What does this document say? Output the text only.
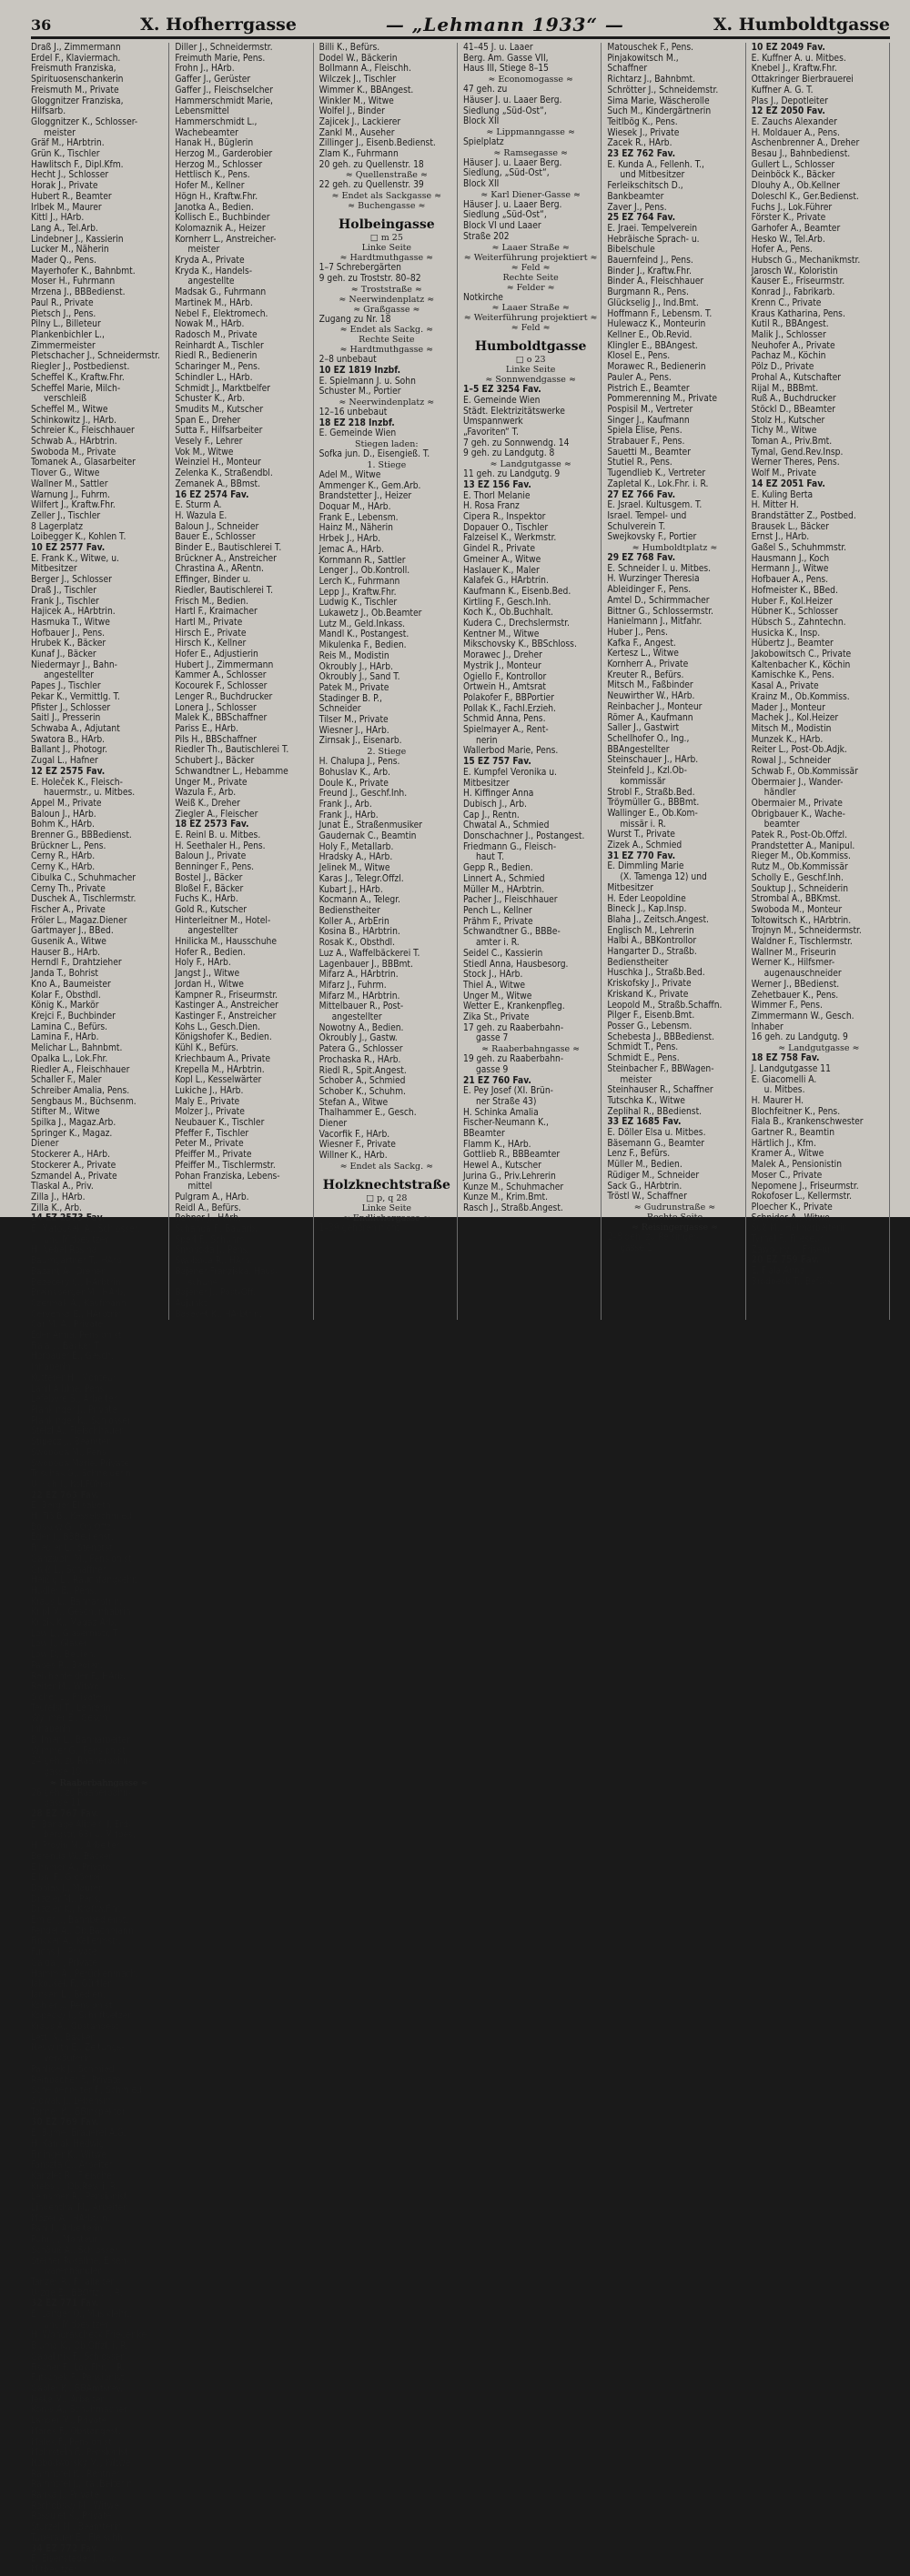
36	X. Hofherrgasse	— „Lehmann 1933“ —	X. Humboldtgasse
Draß J., Zimmermann
Erdel F., Klaviermach.
Freismuth Franziska,
Spirituosenschankerin
Freismuth M., Private
Gloggnitzer Franziska,
Hilfsarb.
Gloggnitzer K., Schlosser-
meister
Gräf M., HArbtrin.
Grün K., Tischler
Hawlitsch F., Dipl.Kfm.
Hecht J., Schlosser
Horak J., Private
Hubert R., Beamter
Irlbek M., Maurer
Kittl J., HArb.
Lang A., Tel.Arb.
Lindebner J., Kassierin
Lucker M., Näherin
Mader Q., Pens.
Mayerhofer K., Bahnbmt.
Moser H., Fuhrmann
Mrzena J., BBBedienst.
Paul R., Private
Pietsch J., Pens.
Pilny L., Billeteur
Plankenbichler L.,
Zimmermeister
Pletschacher J., Schneidermstr.
Riegler J., Postbedienst.
Scheffel K., Kraftw.Fhr.
Scheffel Marie, Milch-
verschleiß
Scheffel M., Witwe
Schinkowitz J., HArb.
Schreier K., Fleischhauer
Schwab A., HArbtrin.
Swoboda M., Private
Tomanek A., Glasarbeiter
Tlover G., Witwe
Wallner M., Sattler
Warnung J., Fuhrm.
Wilfert J., Kraftw.Fhr.
Zeller J., Tischler
8 Lagerplatz
Loibegger K., Kohlen T.
10 EZ 2577 Fav.
E. Frank K., Witwe, u.
Mitbesitzer
Berger J., Schlosser
Draß J., Tischler
Frank J., Tischler
Hajicek A., HArbtrin.
Hasmuka T., Witwe
Hofbauer J., Pens.
Hrubek K., Bäcker
Kunaf J., Bäcker
Niedermayr J., Bahn-
angestellter
Papes J., Tischler
Pekar K., Vermittlg. T.
Pfister J., Schlosser
Saitl J., Presserin
Schwaba A., Adjutant
Swatora B., HArb.
Ballant J., Photogr.
Zugal L., Hafner
12 EZ 2575 Fav.
E. Holeček K., Fleisch-
hauermstr., u. Mitbes.
Appel M., Private
Baloun J., HArb.
Bohm K., HArb.
Brenner G., BBBedienst.
Brückner L., Pens.
Cerny R., HArb.
Cerny K., HArb.
Cibulka C., Schuhmacher
Cerny Th., Private
Duschek A., Tischlermstr.
Fischer A., Private
Fröler L., Magaz.Diener
Gartmayer J., BBed.
Gusenik A., Witwe
Hauser B., HArb.
Herndl F., Drahtzieher
Janda T., Bohrist
Kno A., Baumeister
Kolar F., Obsthdl.
König K., Markör
Krejci F., Buchbinder
Lamina C., Befürs.
Lamina F., HArb.
Melichar L., Bahnbmt.
Opalka L., Lok.Fhr.
Riedler A., Fleischhauer
Schaller F., Maler
Schreiber Amalia, Pens.
Sengbaus M., Büchsenm.
Stifter M., Witwe
Spilka J., Magaz.Arb.
Springer K., Magaz.
Diener
Stockerer A., HArb.
Stockerer A., Private
Szmandel A., Private
Tlaskal A., Priv.
Zilla J., HArb.
Zilla K., Arb.
14 EZ 2573 Fav.
E. Matoušek A., Schlosser,
und Mitbesitzer
H. Nebel Rosina
Baumgartner T., HArb.
Bazant A., Dreher
Bezecery C., HArbtrin.
Breinsberger M., HArb.
Czermak A., Kaufmann
Červenka E., HArbtrin.
Diller J., Schneidermstr.
Freimuth Marie, Pens.
Frohn J., HArb.
Gaffer J., Gerüster
Gaffer J., Fleischselcher
Hammerschmidt Marie,
Lebensmittel
Hammerschmidt L.,
Wachebeamter
Hanak H., Büglerin
Herzog M., Garderobier
Herzog M., Schlosser
Hettlisch K., Pens.
Hofer M., Kellner
Högn H., Kraftw.Fhr.
Janotka A., Bedien.
Kollisch E., Buchbinder
Kolomaznik A., Heizer
Kornherr L., Anstreicher-
meister
Kryda A., Private
Kryda K., Handels-
angestellte
Madsak G., Fuhrmann
Martinek M., HArb.
Nebel F., Elektromech.
Nowak M., HArb.
Radosch M., Private
Reinhardt A., Tischler
Riedl R., Bedienerin
Scharinger M., Pens.
Schindler L., HArb.
Schmidt J., Marktbelfer
Schuster K., Arb.
Smudits M., Kutscher
Span E., Dreher
Sutta F., Hilfsarbeiter
Vesely F., Lehrer
Vok M., Witwe
Weinziel H., Monteur
Zelenka K., Straßendbl.
Zemanek A., BBmst.
16 EZ 2574 Fav.
E. Sturm A.
H. Wazula E.
Baloun J., Schneider
Bauer E., Schlosser
Binder E., Bautischlerei T.
Brückner A., Anstreicher
Chrastina A., ARentn.
Effinger, Binder u.
Riedler, Bautischlerei T.
Frisch M., Bedien.
Hartl F., Kraimacher
Hartl M., Private
Hirsch E., Private
Hirsch K., Kellner
Hofer E., Adjustierin
Hubert J., Zimmermann
Kammer A., Schlosser
Kocourek F., Schlosser
Lenger R., Buchdrucker
Lonera J., Schlosser
Malek K., BBSchaffner
Pariss E., HArb.
Pils H., BBSchaffner
Riedler Th., Bautischlerei T.
Schubert J., Bäcker
Schwandtner L., Hebamme
Unger M., Private
Wazula F., Arb.
Weiß K., Dreher
Ziegler A., Fleischer
18 EZ 2573 Fav.
E. Reinl B. u. Mitbes.
H. Seethaler H., Pens.
Baloun J., Private
Benninger F., Pens.
Bostel J., Bäcker
Bloßel F., Bäcker
Fuchs K., HArb.
Gold R., Kutscher
Hinterleitner M., Hotel-
angestellter
Hnilicka M., Hausschuhe
Hofer R., Bedien.
Holy F., HArb.
Jangst J., Witwe
Jordan H., Witwe
Kampner R., Friseurmstr.
Kastinger A., Anstreicher
Kastinger F., Anstreicher
Kohs L., Gesch.Dien.
Königshofer K., Bedien.
Kühl K., Befürs.
Kriechbaum A., Private
Krepella M., HArbtrin.
Kopl L., Kesselwärter
Lukiche J., HArb.
Maly E., Private
Molzer J., Private
Neubauer K., Tischler
Pfeffer F., Tischler
Peter M., Private
Pfeiffer M., Private
Pfeiffer M., Tischlermstr.
Pohan Franziska, Lebens-
mittel
Pulgram A., HArb.
Reidl A., Befürs.
Rehner J., HArb.
Schanda F., Bauarb.
Sperl F., Schuhm.
Smoboda J., Pens.
Swoboda R., HArb.
Bajener Franziska, Haus-
schuhe
Bajener J., Post-Off.
Adjunkt
Basecet K., HArbtrin.
Billi K., Befürs.
Dodel W., Bäckerin
Bollmann A., Fleischh.
Wilczek J., Tischler
Wimmer K., BBAngest.
Winkler M., Witwe
Wolfel J., Binder
Zajicek J., Lackierer
Zankl M., Auseher
Zillinger J., Eisenb.Bedienst.
Zlam K., Fuhrmann
20 geh. zu Quellenstr. 18
≈ Quellenstraße ≈
22 geh. zu Quellenstr. 39
≈ Endet als Sackgasse ≈
≈ Buchengasse ≈
Holbeingasse
□ m 25
Linke Seite
≈ Hardtmuthgasse ≈
1–7 Schrebergärten
9 geh. zu Troststr. 80–82
≈ Troststraße ≈
≈ Neerwindenplatz ≈
≈ Graßgasse ≈
Zugang zu Nr. 18
≈ Endet als Sackg. ≈
Rechte Seite
≈ Hardtmuthgasse ≈
2–8 unbebaut
10 EZ 1819 Inzbf.
E. Spielmann J. u. Sohn
Schuster M., Portier
≈ Neerwindenplatz ≈
12–16 unbebaut
18 EZ 218 Inzbf.
E. Gemeinde Wien
Stiegen laden:
Sofka jun. D., Eisengieß. T.
1. Stiege
Adel M., Witwe
Ammenger K., Gem.Arb.
Brandstetter J., Heizer
Doquar M., HArb.
Frank E., Lebensm.
Hainz M., Näherin
Hrbek J., HArb.
Jemac A., HArb.
Kornmann R., Sattler
Lenger J., Ob.Kontroll.
Lerch K., Fuhrmann
Lepp J., Kraftw.Fhr.
Ludwig K., Tischler
Lukawetz J., Ob.Beamter
Lutz M., Geld.Inkass.
Mandl K., Postangest.
Mikulenka F., Bedien.
Reis M., Modistin
Okroubly J., HArb.
Okroubly J., Sand T.
Patek M., Private
Stadinger B. P.,
Schneider
Tilser M., Private
Wiesner J., HArb.
Zirnsak J., Eisenarb.
2. Stiege
H. Chalupa J., Pens.
Bohuslav K., Arb.
Doule K., Private
Freund J., Geschf.Inh.
Frank J., Arb.
Frank J., HArb.
Junat E., Straßenmusiker
Gaudernak C., Beamtin
Holy F., Metallarb.
Hradsky A., HArb.
Jelinek M., Witwe
Karas J., Telegr.Offzl.
Kubart J., HArb.
Kocmann A., Telegr.
Bedienstheiter
Koller A., ArbErin
Kosina B., HArbtrin.
Rosak K., Obsthdl.
Luz A., Waffelbäckerei T.
Lagenbauer J., BBBmt.
Mifarz A., HArbtrin.
Mifarz J., Fuhrm.
Mifarz M., HArbtrin.
Mittelbauer R., Post-
angestellter
Nowotny A., Bedien.
Okroubly J., Gastw.
Patera G., Schlosser
Prochaska R., HArb.
Riedl R., Spit.Angest.
Schober A., Schmied
Schober K., Schuhm.
Stefan A., Witwe
Thalhammer E., Gesch.
Diener
Vacorfik F., HArb.
Wiesner F., Private
Willner K., HArb.
≈ Endet als Sackg. ≈
Holzknechtstraße
□ p, q 28
Linke Seite
≈ Endlichergasse ≈
1–39 gehören nicht
41–45 J. u. Laaer
Berg. Am. Gasse VII,
Haus III, Stiege 8–15
≈ Economogasse ≈
47 geh. zu
Häuser J. u. Laaer Berg.
Siedlung „Süd-Ost“,
Block XII
≈ Lippmanngasse ≈
Spielplatz
≈ Ramsegasse ≈
Häuser J. u. Laaer Berg.
Siedlung, „Süd-Ost“,
Block XII
≈ Karl Diener-Gasse ≈
Häuser J. u. Laaer Berg.
Siedlung „Süd-Ost“,
Block VI und Laaer
Straße 202
≈ Laaer Straße ≈
≈ Weiterführung projektiert ≈
≈ Feld ≈
Rechte Seite
≈ Felder ≈
Notkirche
≈ Laaer Straße ≈
≈ Weiterführung projektiert ≈
≈ Feld ≈
Humboldtgasse
□ o 23
Linke Seite
≈ Sonnwendgasse ≈
1–5 EZ 3254 Fav.
E. Gemeinde Wien
Städt. Elektrizitätswerke
Umspannwerk
„Favoriten“ T.
7 geh. zu Sonnwendg. 14
9 geh. zu Landgutg. 8
≈ Landgutgasse ≈
11 geh. zu Landgutg. 9
13 EZ 156 Fav.
E. Thorl Melanie
H. Rosa Franz
Cipera R., Inspektor
Dopauer O., Tischler
Falzeisel K., Werkmstr.
Gindel R., Private
Gmeiner A., Witwe
Haslauer K., Maler
Kalafek G., HArbtrin.
Kaufmann K., Eisenb.Bed.
Kirtling F., Gesch.Inh.
Koch K., Ob.Buchhalt.
Kudera C., Drechslermstr.
Kentner M., Witwe
Mikschovsky K., BBSchloss.
Morawec J., Dreher
Mystrik J., Monteur
Ogiello F., Kontrollor
Ortwein H., Amtsrat
Polakofer F., BBPortier
Pollak K., Fachl.Erzieh.
Schmid Anna, Pens.
Spielmayer A., Rent-
nerin
Wallerbod Marie, Pens.
15 EZ 757 Fav.
E. Kumpfel Veronika u.
Mitbesitzer
H. Kiffinger Anna
Dubisch J., Arb.
Cap J., Rentn.
Chwatal A., Schmied
Donschachner J., Postangest.
Friedmann G., Fleisch-
haut T.
Gepp R., Bedien.
Linnert A., Schmied
Müller M., HArbtrin.
Pacher J., Fleischhauer
Pench L., Kellner
Prähm F., Private
Schwandtner G., BBBe-
amter i. R.
Seidel C., Kassierin
Stiedl Anna, Hausbesorg.
Stock J., HArb.
Thiel A., Witwe
Unger M., Witwe
Wetter E., Krankenpfleg.
Zika St., Private
17 geh. zu Raaberbahn-
gasse 7
≈ Raaberbahngasse ≈
19 geh. zu Raaberbahn-
gasse 9
21 EZ 760 Fav.
E. Pey Josef (XI. Brün-
ner Straße 43)
H. Schinka Amalia
Fischer-Neumann K.,
BBeamter
Flamm K., HArb.
Gottlieb R., BBBeamter
Hewel A., Kutscher
Jurina G., Priv.Lehrerin
Kunze M., Schuhmacher
Kunze M., Krim.Bmt.
Rasch J., Straßb.Angest.
Matouschek F., Pens.
Pinjakowitsch M.,
Schaffner
Richtarz J., Bahnbmt.
Schrötter J., Schneidemstr.
Sima Marie, Wäscherolle
Such M., Kindergärtnerin
Teitlbög K., Pens.
Wiesek J., Private
Zacek R., HArb.
23 EZ 762 Fav.
E. Kunda A., Fellenh. T.,
und Mitbesitzer
Ferleikschitsch D.,
Bankbeamter
Zaver J., Pens.
25 EZ 764 Fav.
E. Jraei. Tempelverein
Hebräische Sprach- u.
Bibelschule
Bauernfeind J., Pens.
Binder J., Kraftw.Fhr.
Binder A., Fleischhauer
Burgmann R., Pens.
Glückselig J., Ind.Bmt.
Hoffmann F., Lebensm. T.
Hulewacz K., Monteurin
Kellner E., Ob.Revid.
Klingler E., BBAngest.
Klosel E., Pens.
Morawec R., Bedienerin
Pauler A., Pens.
Pistrich E., Beamter
Pommerenning M., Private
Pospisil M., Vertreter
Singer J., Kaufmann
Spiela Elise, Pens.
Strabauer F., Pens.
Sauetti M., Beamter
Stutiel R., Pens.
Tugendlieb K., Vertreter
Zapletal K., Lok.Fhr. i. R.
27 EZ 766 Fav.
E. Jsrael. Kultusgem. T.
Israel. Tempel- und
Schulverein T.
Swejkovsky F., Portier
≈ Humboldtplatz ≈
29 EZ 768 Fav.
E. Schneider I. u. Mitbes.
H. Wurzinger Theresia
Ableidinger F., Pens.
Amtel D., Schirmmacher
Bittner G., Schlossermstr.
Hanielmann J., Mitfahr.
Huber J., Pens.
Kafka F., Angest.
Kertesz L., Witwe
Kornherr A., Private
Kreuter R., Befürs.
Mitsch M., Faßbinder
Neuwirther W., HArb.
Reinbacher J., Monteur
Römer A., Kaufmann
Saller J., Gastwirt
Schellhofer O., Ing.,
BBAngestellter
Steinschauer J., HArb.
Steinfeld J., Kzl.Ob-
kommissär
Strobl F., Straßb.Bed.
Tröymüller G., BBBmt.
Wallinger E., Ob.Kom-
missär i. R.
Wurst T., Private
Zizek A., Schmied
31 EZ 770 Fav.
E. Dimmling Marie
(X. Tamenga 12) und
Mitbesitzer
H. Eder Leopoldine
Bineck J., Kap.Insp.
Blaha J., Zeitsch.Angest.
Englisch M., Lehrerin
Halbi A., BBKontrollor
Hangarter D., Straßb.
Bedienstheiter
Huschka J., Straßb.Bed.
Kriskofsky J., Private
Kriskand K., Private
Leopold M., Straßb.Schaffn.
Pilger F., Eisenb.Bmt.
Posser G., Lebensm.
Schebesta J., BBBedienst.
Schmidt T., Pens.
Schmidt E., Pens.
Steinbacher F., BBWagen-
meister
Steinhauser R., Schaffner
Tutschka K., Witwe
Zeplihal R., BBedienst.
33 EZ 1685 Fav.
E. Döller Elsa u. Mitbes.
Bäsemann G., Beamter
Lenz F., Befürs.
Müller M., Bedien.
Rüdiger M., Schneider
Sack G., HArbtrin.
Tröstl W., Schaffner
≈ Gudrunstraße ≈
Rechte Seite
≈ Reisingergasse ≈
2–8 geh. zu Reisinger-
gasse 1
10 EZ 2049 Fav.
E. Kuffner A. u. Mitbes.
Knebel J., Kraftw.Fhr.
Ottakringer Bierbrauerei
Kuffner A. G. T.
Plas J., Depotleiter
12 EZ 2050 Fav.
E. Zauchs Alexander
H. Moldauer A., Pens.
Aschenbrenner A., Dreher
Besau J., Bahnbedienst.
Gullert L., Schlosser
Deinböck K., Bäcker
Dlouhy A., Ob.Kellner
Doleschl K., Ger.Bedienst.
Fuchs J., Lok.Führer
Förster K., Private
Garhofer A., Beamter
Hesko W., Tel.Arb.
Hofer A., Pens.
Hubsch G., Mechanikmstr.
Jarosch W., Koloristin
Kauser E., Friseurmstr.
Konrad J., Fabrikarb.
Krenn C., Private
Kraus Katharina, Pens.
Kutil R., BBAngest.
Malik J., Schlosser
Neuhofer A., Private
Pachaz M., Köchin
Pölz D., Private
Prohal A., Kutschafter
Rijal M., BBBmt.
Ruß A., Buchdrucker
Stöckl D., BBeamter
Stolz H., Kutscher
Tichy M., Witwe
Toman A., Priv.Bmt.
Tymal, Gend.Rev.Insp.
Werner Theres, Pens.
Wolf M., Private
14 EZ 2051 Fav.
E. Kuling Berta
H. Mitter H.
Brandstätter Z., Postbed.
Brausek L., Bäcker
Ernst J., HArb.
Gaßel S., Schuhmmstr.
Hausmann J., Koch
Hermann J., Witwe
Hofbauer A., Pens.
Hofmeister K., BBed.
Huber F., Kol.Heizer
Hübner K., Schlosser
Hübsch S., Zahntechn.
Husicka K., Insp.
Hübertz J., Beamter
Jakobowitsch C., Private
Kaltenbacher K., Köchin
Kamischke K., Pens.
Kasal A., Private
Krainz M., Ob.Kommiss.
Mader J., Monteur
Machek J., Kol.Heizer
Mitsch M., Modistin
Munzek K., HArb.
Reiter L., Post-Ob.Adjk.
Rowal J., Schneider
Schwab F., Ob.Kommissär
Obermaier J., Wander-
händler
Obermaier M., Private
Obrigbauer K., Wache-
beamter
Patek R., Post-Ob.Offzl.
Prandstetter A., Manipul.
Rieger M., Ob.Kommiss.
Rutz M., Ob.Kommissär
Scholly E., Geschf.Inh.
Souktup J., Schneiderin
Strombal A., BBKmst.
Swoboda M., Monteur
Toltowitsch K., HArbtrin.
Trojnyn M., Schneidermstr.
Waldner F., Tischlermstr.
Wallner M., Friseurin
Werner K., Hilfsmer-
augenauschneider
Werner J., BBedienst.
Zehetbauer K., Pens.
Wimmer F., Pens.
Zimmermann W., Gesch.
Inhaber
16 geh. zu Landgutg. 9
≈ Landgutgasse ≈
18 EZ 758 Fav.
J. Landgutgasse 11
E. Giacomelli A.
u. Mitbes.
H. Maurer H.
Blochfeitner K., Pens.
Fiala B., Krankenschwester
Gartner R., Beamtin
Härtlich J., Kfm.
Kramer A., Witwe
Malek A., Pensionistin
Moser C., Private
Nepomene J., Friseurmstr.
Rokofoser L., Kellermstr.
Ploecher K., Private
Schnider A., Witwe
Suß M., Heimarbeiterin
Tyrnel F., Frieseur
Zawodny J., Friseur
20 EZ 759 Fav.
E. Fiala Anna
Brodbeck T., Befürs.
Car M. A., Private
Eder Anna, Pensionist
Fiala J., Bäcker T.
Hofbauer E., Gesch.
Inhaberin
Kutterer H., Monteur
Lanil Albine, Pens.
Lefebvre S., Arbeiter
Plankinger J., Private
Plankinger K., Schlosser
Stelzl A., Fleischhauer
Stipecz J., Beamter
Swoboda M., Pens.
Swoboda Marie, Private
Trischak G., Schneiderin
Ullrich J., Kol.Führer
22 EZ 763 Fav.
E. Berger Elisabeth
H. Fiß B., Kesselschmied
Boskow G., Ob.Offzl.
Eder J., BBBedienst.
Friedler L., Stenotst.
Ganzwohl M., Pensionist
Groß L., Schaffner
Heißig L., Rauchfangkehr.
Hudler E., Pens.
Kraus L., Bahnarbtrin.
Kripl M., Gesch.Inhabrin.
Krizik K., Magaz.Arb.
Low L., Glasermstr. T.
Low J., Glaser
Low D., Bedien.
Papes R., Bedien.
Reichenfelder F., HArb.
Reiter M., Witwe
Sicher L., Private
Teufelsl T., Lehrerin
Wyllmer E., Gesch.
Inhaberin
Billmer L., Bahnarbeiter
Wimmer G., Pensionist
24 geh. zu Raaberbahn-
gasse 10
≈ Raaberbahngasse ≈
26 geh. zu Raaberbahn-
gasse 11
28 EZ 767 Fav.
E. Banage Alice (III. Erd-
bergstr. 63) u. Mitbes.
H. Provin M., Arbeiter
Berenda W., Bäcker
Eihamer A., Private
Eibal F., Gießerei
Dobias J., Maurer
Drazler M., Pens.
Drazler K., Kraftw.Fhr.
Emler J., Bahnbedienst.
Fendel A., Ob.Bachmann
Fincker A., Kellermstr.
Fuchs J., Private
Gaida J., Private
Hamm A., Perückenmach.
Jakoušek F., Gürtler
Jansen L., Bedien.
Kohler J., Pensionist
Kopecky J., Schriftsetzer
Kraus A., Obstangest.
Lettl A., Bäcker
Neuwirth E., Zeitungs-
verkäuferin
Panlicek J., Schmied
Reinbacher F., Private
Scheibenreiter F., Schmied
Slowak J., Lebensm.
Tonner K., BBInspektor
30 EZ 769 Fav.
E. Bgme. Brauerei A.G.
H. Kaniak Hedwig
Firlinger K., Witwe
Fanszta C., Arbeiter
Kanzlet R., Fleischer
Krebs J., Ob.Rev. i. R.
Leinsmer R., Pensionist
Lindenthal M., Arbeiter
Mozer A., HArbtrin.
Pani J., Arbeiterin
Puhr J., Monteur
Schäuß A., Schlosser
Steiner Rosaline, Eisen-
warenhändler
Tanzer R., Filialleiter
Urzge E., BBOffzl. i. R.
32 EZ 771 Fav.
E. Langer O., Musiklehr.,
und Mitbesitzer
H. Wondrascheck Friederike
Bluma K., Ob.Offzl. i. R.
Gaballnik F., Schlosser
Fischer F., Lok.Fhr. i. R.
Futschek F., Pensionist
Gabler K., BBAmtsrev.
Jeske M., Arbeiter
Koros A., Schuhmacher
Langer M., Private
Marek F., Obstangest.
Malek F., Pensionist
Mohrstein F., Pensionist
Nobodworsky M., Witwe
Ramhofel K., Rentner
Ramhofel J., Ital.Beiterin
Ranka J., Private
Rochobsky M., Witwe
Rossulet K., Private
Sturzel M., Beamterin
Tuberauer E., Fleischh.
34 EZ 772 Fav.
E. Eisensteder J. und
Mitbesitzer
